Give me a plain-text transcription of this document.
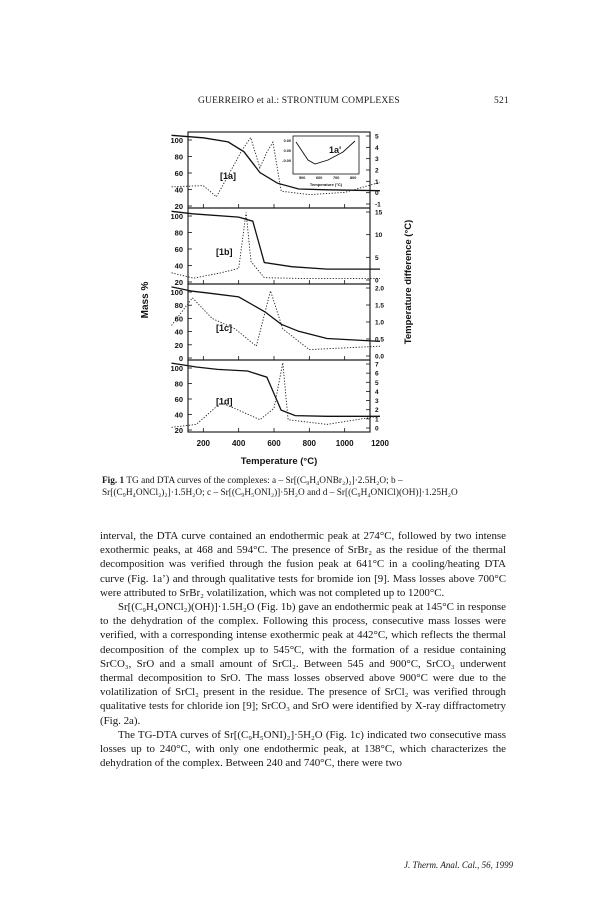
GUERREIRO et al.: STRONTIUM COMPLEXES	521
100
80
60
40
20
5
4
3
2
1
0
-1
[1a]
0.00
0.00
-0.00
500	600	700	800
Temperature (°C)
1a'
100
80
60
40
20
15
10
5
0
[1b]
100
80
60
40
20
0
2.0
1.5
1.0
0.5
0.0
[1c]
100
80
60
40
20
7
6
5
4
3
2
1
0
[1d]
200	400	600	800 1000 1200
Temperature (°C)
Mass %	Temperature difference (°C)
Fig. 1 TG and DTA curves of the complexes: a – Sr[(C₉H₄ONBr₂)₂]·2.5H₂O; b – Sr[(C₉H₄ONCl₂)₂]·1.5H₂O; c – Sr[(C₉H₅ONI₂)]·5H₂O and d – Sr[(C₉H₄ONICl)(OH)]·1.25H₂O

interval, the DTA curve contained an endothermic peak at 274°C, followed by two intense exothermic peaks, at 468 and 594°C. The presence of SrBr₂ as the residue of the thermal decomposition was verified through the fusion peak at 641°C in a cooling/heating DTA curve (Fig. 1a’) and through qualitative tests for bromide ion [9]. Mass losses above 700°C were attributed to SrBr₂ volatilization, which was not completed up to 1200°C.

Sr[(C₉H₄ONCl₂)(OH)]·1.5H₂O (Fig. 1b) gave an endothermic peak at 145°C in response to the dehydration of the complex. Following this process, consecutive mass losses were verified, with a corresponding intense exothermic peak at 442°C, which reflects the thermal decomposition of the complex up to 545°C, with the formation of a residue containing SrCO₃, SrO and a small amount of SrCl₂. Between 545 and 900°C, SrCO₃ underwent thermal decomposition to SrO. The mass losses observed above 900°C were due to the volatilization of SrCl₂ present in the residue. The presence of SrCl₂ was verified through qualitative tests for chloride ion [9]; SrCO₃ and SrO were identified by X-ray diffractometry (Fig. 2a).

The TG-DTA curves of Sr[(C₉H₅ONI)₂]·5H₂O (Fig. 1c) indicated two consecutive mass losses up to 240°C, with only one endothermic peak, at 138°C, which characterizes the dehydration of the complex. Between 240 and 740°C, there were two

J. Therm. Anal. Cal., 56, 1999
